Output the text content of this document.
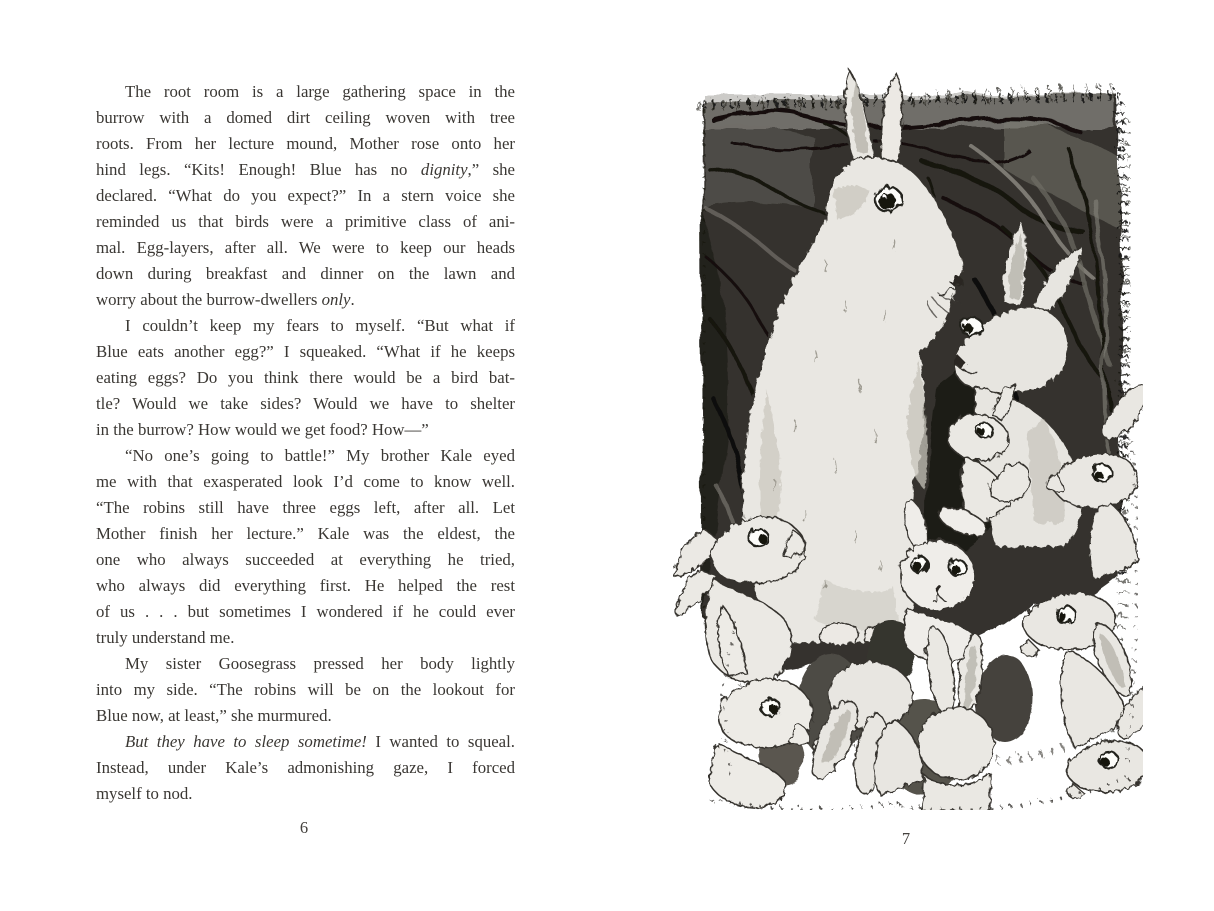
The root room is a large gathering space in the
burrow with a domed dirt ceiling woven with tree
roots. From her lecture mound, Mother rose onto her
hind legs. “Kits! Enough! Blue has no dignity,” she
declared. “What do you expect?” In a stern voice she
reminded us that birds were a primitive class of ani-
mal. Egg-layers, after all. We were to keep our heads
down during breakfast and dinner on the lawn and
worry about the burrow-dwellers only.
I couldn’t keep my fears to myself. “But what if
Blue eats another egg?” I squeaked. “What if he keeps
eating eggs? Do you think there would be a bird bat-
tle? Would we take sides? Would we have to shelter
in the burrow? How would we get food? How—”
“No one’s going to battle!” My brother Kale eyed
me with that exasperated look I’d come to know well.
“The robins still have three eggs left, after all. Let
Mother finish her lecture.” Kale was the eldest, the
one who always succeeded at everything he tried,
who always did everything first. He helped the rest
of us . . . but sometimes I wondered if he could ever
truly understand me.
My sister Goosegrass pressed her body lightly
into my side. “The robins will be on the lookout for
Blue now, at least,” she murmured.
But they have to sleep sometime! I wanted to squeal.
Instead, under Kale’s admonishing gaze, I forced
myself to nod.
6
7
